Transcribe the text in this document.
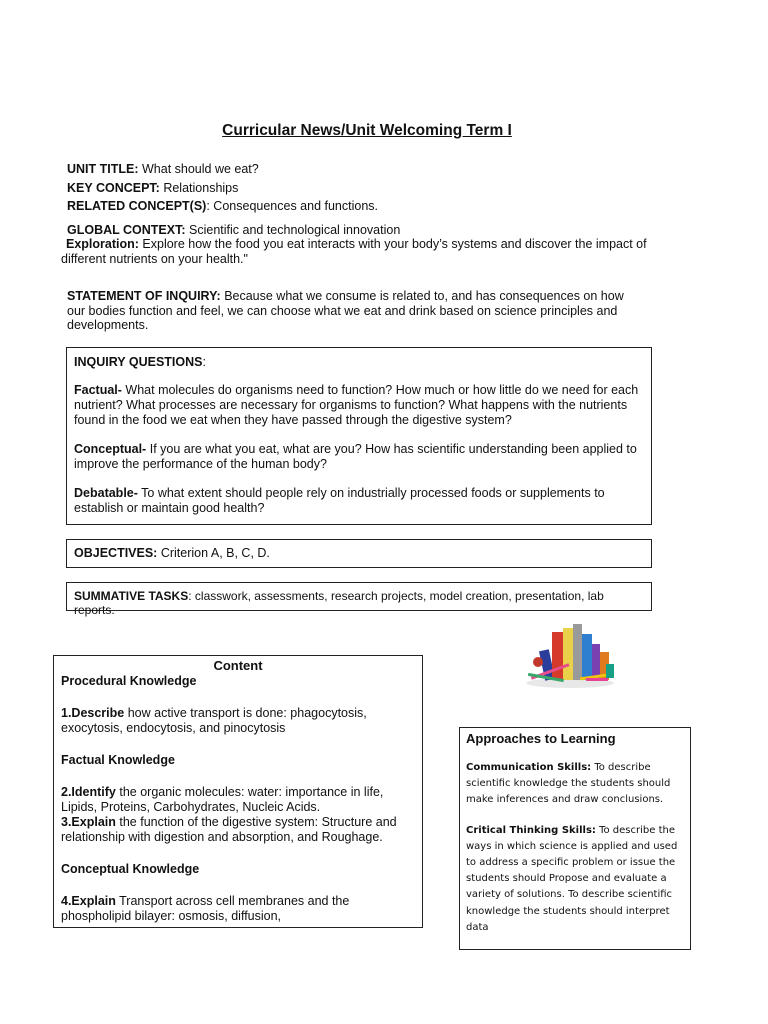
Curricular News/Unit Welcoming Term I
UNIT TITLE: What should we eat?
KEY CONCEPT: Relationships
RELATED CONCEPT(S): Consequences and functions.
GLOBAL CONTEXT: Scientific and technological innovation
Exploration: Explore how the food you eat interacts with your body’s systems and discover the impact of different nutrients on your health."
STATEMENT OF INQUIRY: Because what we consume is related to, and has consequences on how our bodies function and feel, we can choose what we eat and drink based on science principles and developments.

INQUIRY QUESTIONS:

Factual- What molecules do organisms need to function? How much or how little do we need for each nutrient? What processes are necessary for organisms to function? What happens with the nutrients found in the food we eat when they have passed through the digestive system?

Conceptual- If you are what you eat, what are you? How has scientific understanding been applied to improve the performance of the human body?

Debatable- To what extent should people rely on industrially processed foods or supplements to establish or maintain good health?

OBJECTIVES: Criterion A, B, C, D.
SUMMATIVE TASKS: classwork, assessments, research projects, model creation, presentation, lab reports.

Content

Procedural Knowledge

1.Describe how active transport is done: phagocytosis, exocytosis, endocytosis, and pinocytosis

Factual Knowledge

2.Identify the organic molecules: water: importance in life, Lipids, Proteins, Carbohydrates, Nucleic Acids.

3.Explain the function of the digestive system: Structure and relationship with digestion and absorption, and Roughage.

Conceptual Knowledge

4.Explain Transport across cell membranes and the phospholipid bilayer: osmosis, diffusion,

Approaches to Learning
Communication Skills: To describe scientific knowledge the students should make inferences and draw conclusions.
Critical Thinking Skills: To describe the ways in which science is applied and used to address a specific problem or issue the students should Propose and evaluate a variety of solutions. To describe scientific knowledge the students should interpret data
